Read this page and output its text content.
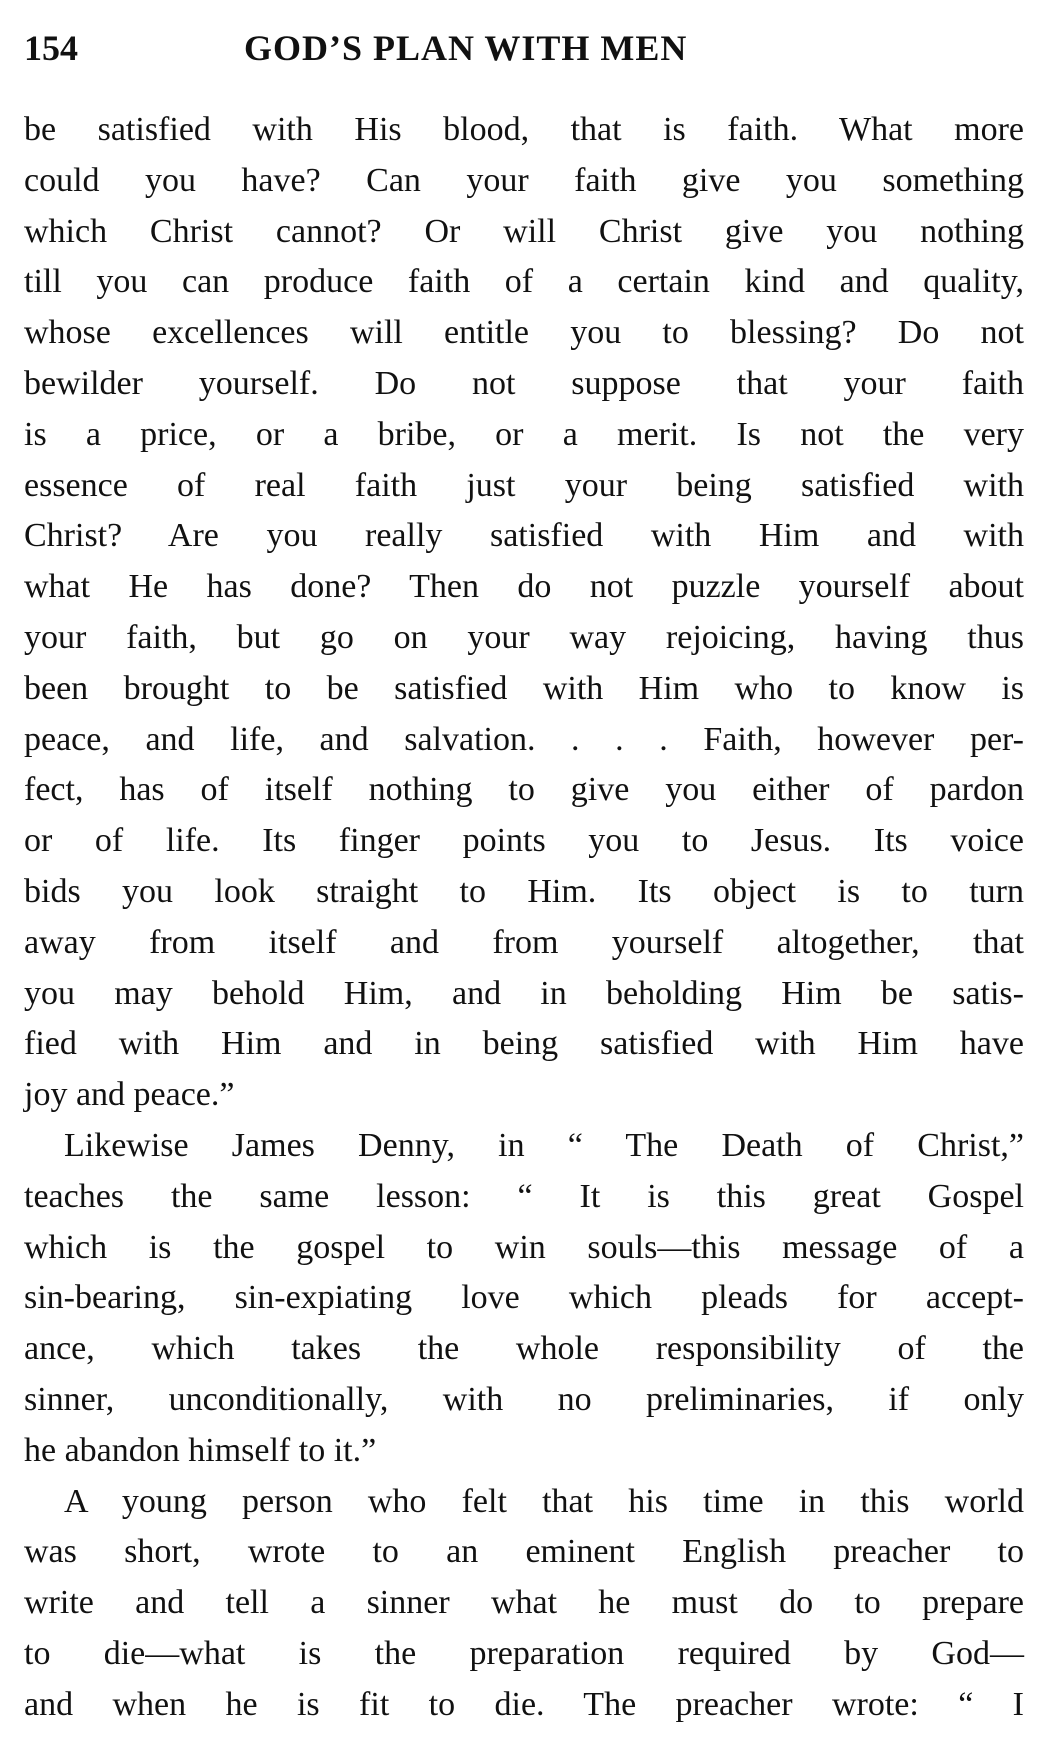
154	GOD’S PLAN WITH MEN
be satisfied with His blood, that is faith. What more
could you have? Can your faith give you something
which Christ cannot? Or will Christ give you nothing
till you can produce faith of a certain kind and quality,
whose excellences will entitle you to blessing? Do not
bewilder yourself. Do not suppose that your faith
is a price, or a bribe, or a merit. Is not the very
essence of real faith just your being satisfied with
Christ? Are you really satisfied with Him and with
what He has done? Then do not puzzle yourself about
your faith, but go on your way rejoicing, having thus
been brought to be satisfied with Him who to know is
peace, and life, and salvation. . . . Faith, however per-
fect, has of itself nothing to give you either of pardon
or of life. Its finger points you to Jesus. Its voice
bids you look straight to Him. Its object is to turn
away from itself and from yourself altogether, that
you may behold Him, and in beholding Him be satis-
fied with Him and in being satisfied with Him have
joy and peace.”
Likewise James Denny, in “ The Death of Christ,”
teaches the same lesson: “ It is this great Gospel
which is the gospel to win souls—this message of a
sin-bearing, sin-expiating love which pleads for accept-
ance, which takes the whole responsibility of the
sinner, unconditionally, with no preliminaries, if only
he abandon himself to it.”
A young person who felt that his time in this world
was short, wrote to an eminent English preacher to
write and tell a sinner what he must do to prepare
to die—what is the preparation required by God—
and when he is fit to die. The preacher wrote: “ I
